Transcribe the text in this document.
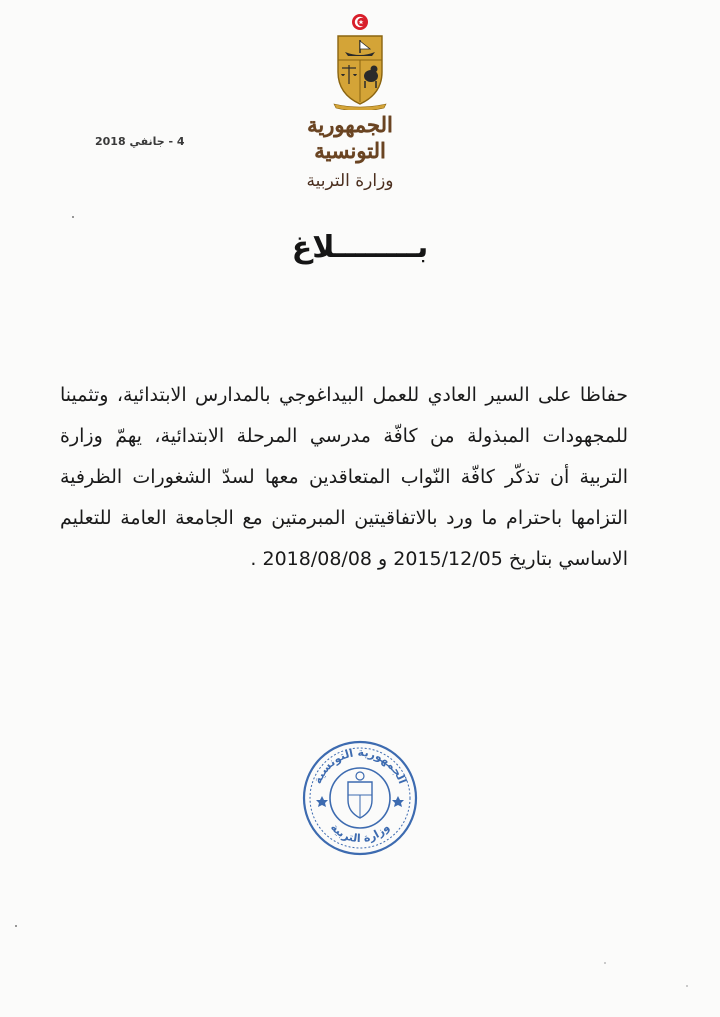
الجمهورية التونسية
وزارة التربية
4 - جانفي 2018
بــــــــلاغ
حفاظا على السير العادي للعمل البيداغوجي بالمدارس الابتدائية، وتثمينا للمجهودات المبذولة من كافّة مدرسي المرحلة الابتدائية، يهمّ وزارة التربية أن تذكّر كافّة النّواب المتعاقدين معها لسدّ الشغورات الظرفية التزامها باحترام ما ورد بالاتفاقيتين المبرمتين مع الجامعة العامة للتعليم الاساسي بتاريخ 2015/12/05 و 2018/08/08 .
الجمهورية التونسية
وزارة التربية
